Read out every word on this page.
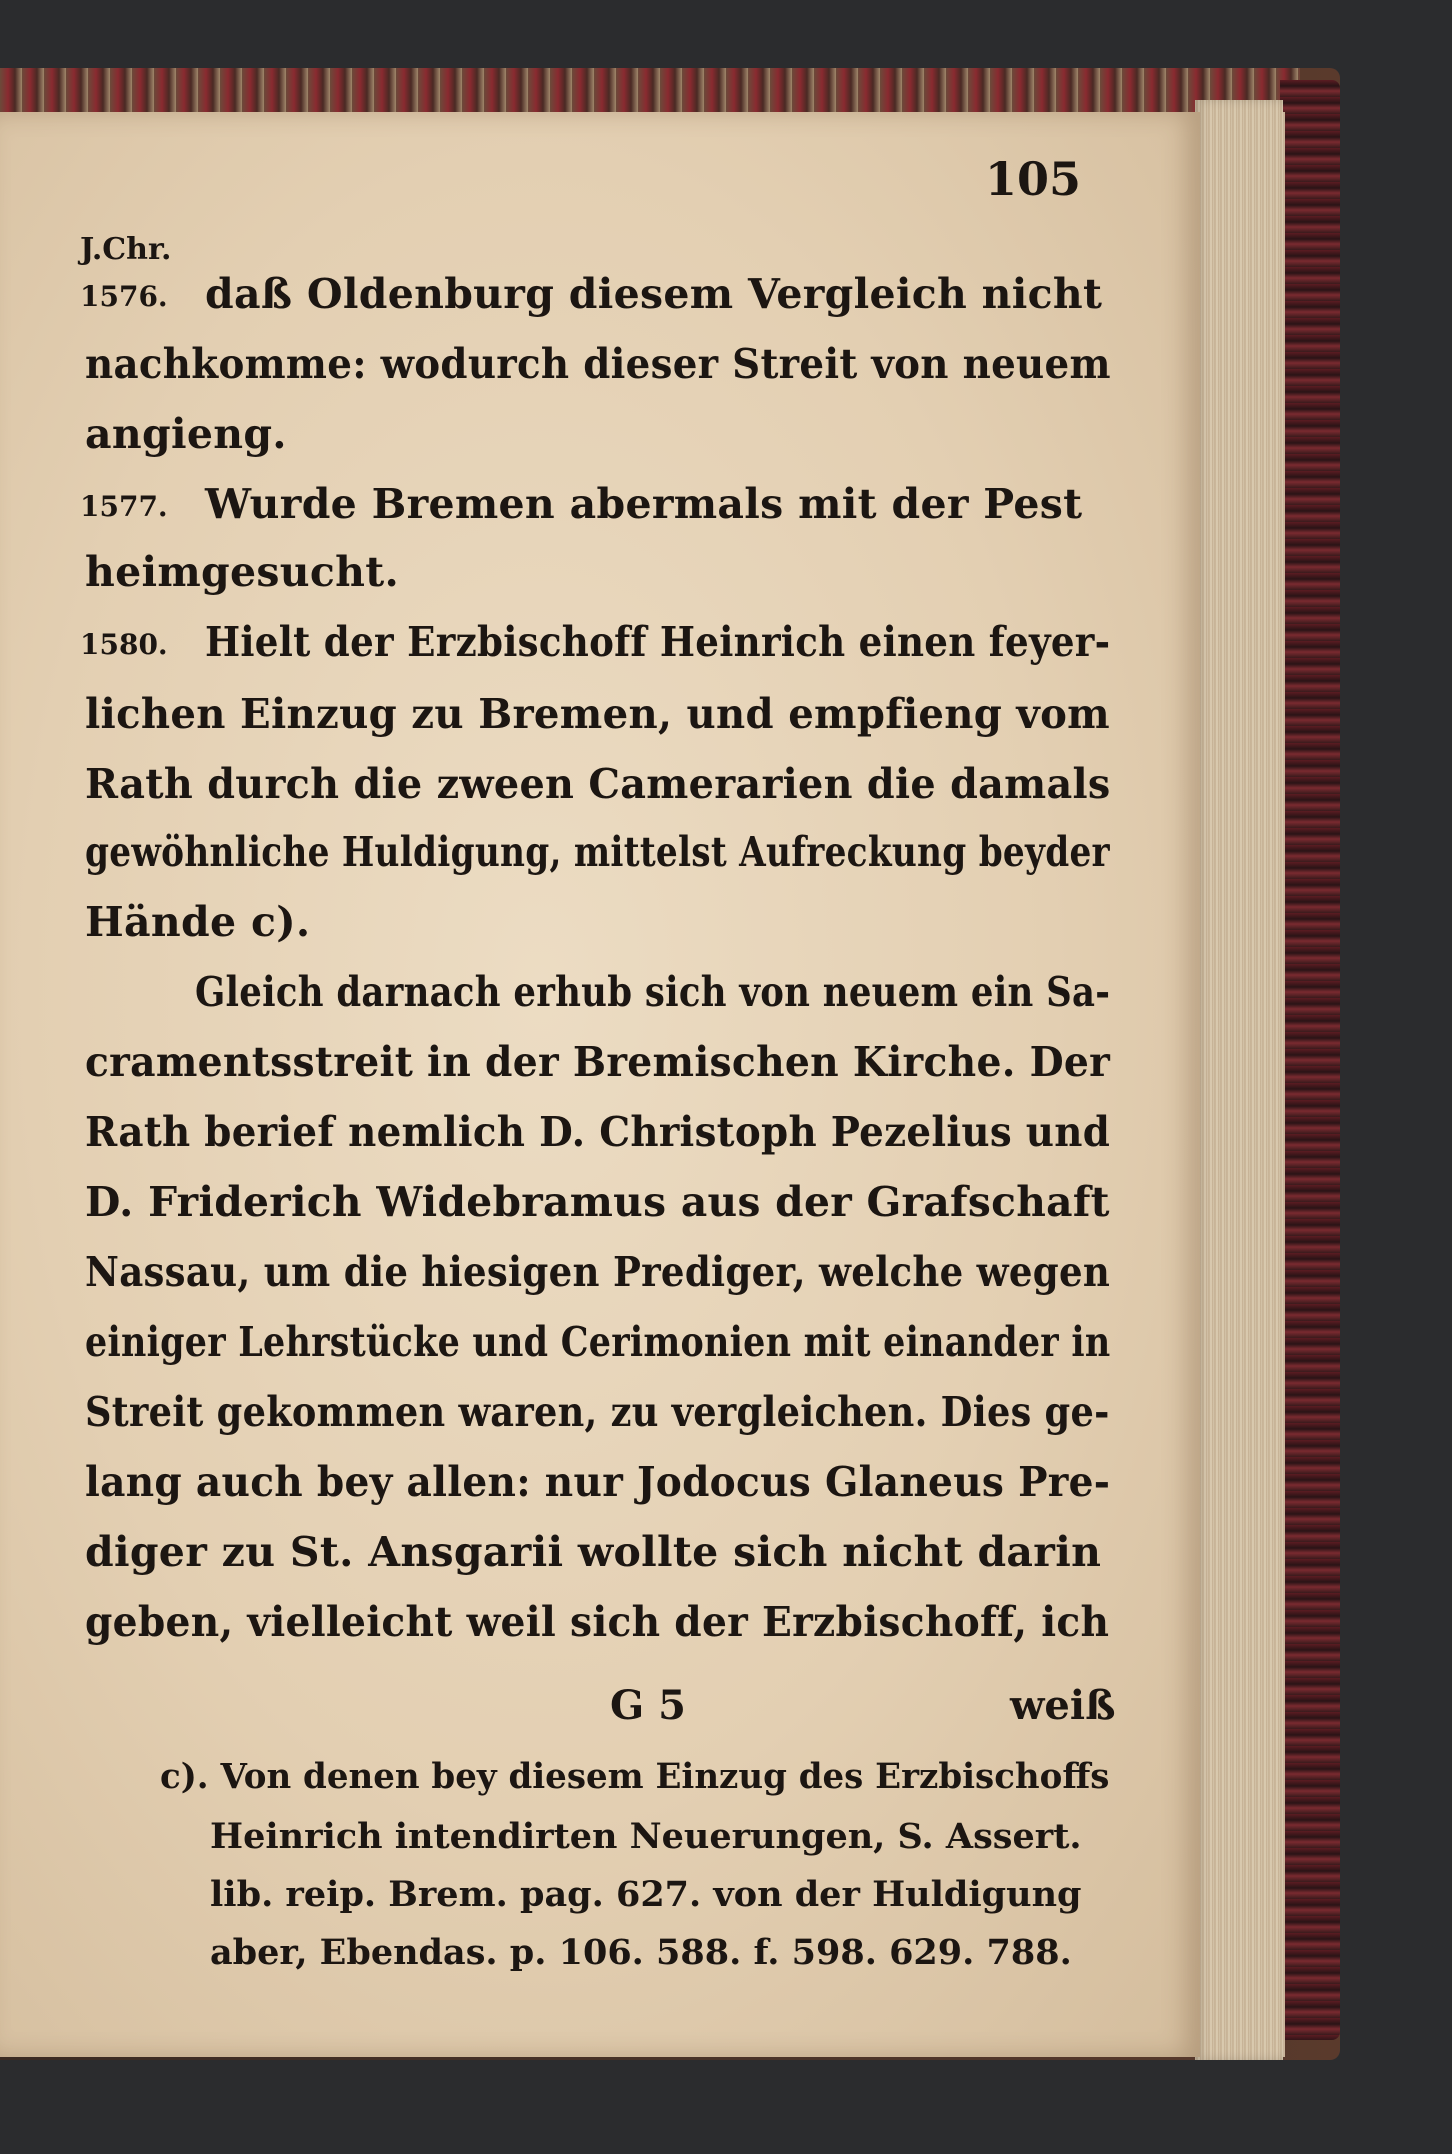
105
J.Chr.
1576. daß Oldenburg diesem Vergleich nicht
nachkomme: wodurch dieser Streit von neuem
angieng.
1577. Wurde Bremen abermals mit der Pest
heimgesucht.
1580. Hielt der Erzbischoff Heinrich einen feyer-
lichen Einzug zu Bremen, und empfieng vom
Rath durch die zween Camerarien die damals
gewöhnliche Huldigung, mittelst Aufreckung beyder
Hände c).
Gleich darnach erhub sich von neuem ein Sa-
cramentsstreit in der Bremischen Kirche. Der
Rath berief nemlich D. Christoph Pezelius und
D. Friderich Widebramus aus der Grafschaft
Nassau, um die hiesigen Prediger, welche wegen
einiger Lehrstücke und Cerimonien mit einander in
Streit gekommen waren, zu vergleichen. Dies ge-
lang auch bey allen: nur Jodocus Glaneus Pre-
diger zu St. Ansgarii wollte sich nicht darin
geben, vielleicht weil sich der Erzbischoff, ich
G 5	weiß
c). Von denen bey diesem Einzug des Erzbischoffs
Heinrich intendirten Neuerungen, S. Assert.
lib. reip. Brem. pag. 627. von der Huldigung
aber, Ebendas. p. 106. 588. f. 598. 629. 788.
